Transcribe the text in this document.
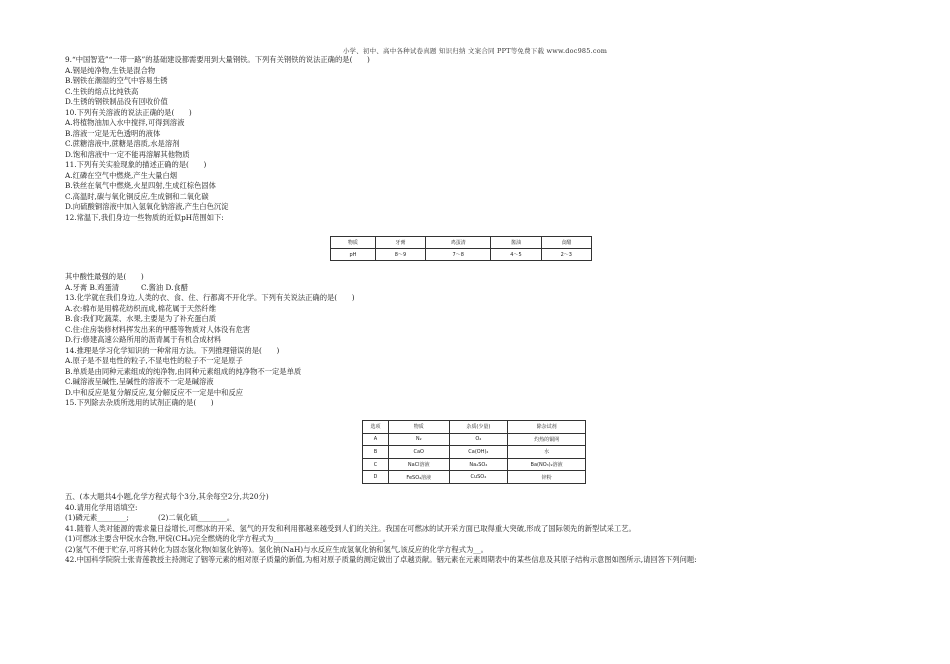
小学、初中、高中各种试卷真题 知识归纳 文案合同 PPT等免费下载 www.doc985.com
9.“中国智造”“一带一路”的基础建设都需要用到大量钢铁。下列有关钢铁的说法正确的是(　　)
A.钢是纯净物,生铁是混合物
B.钢铁在潮湿的空气中容易生锈
C.生铁的熔点比纯铁高
D.生锈的钢铁制品没有回收价值
10.下列有关溶液的说法正确的是(　　)
A.将植物油加入水中搅拌,可得到溶液
B.溶液一定是无色透明的液体
C.蔗糖溶液中,蔗糖是溶质,水是溶剂
D.饱和溶液中一定不能再溶解其他物质
11.下列有关实验现象的描述正确的是(　　)
A.红磷在空气中燃烧,产生大量白烟
B.铁丝在氧气中燃烧,火星四射,生成红棕色固体
C.高温时,碳与氧化铜反应,生成铜和二氧化碳
D.向硫酸铜溶液中加入氢氧化钠溶液,产生白色沉淀
12.常温下,我们身边一些物质的近似pH范围如下:
物质	牙膏	鸡蛋清	酱油	食醋
pH	8～9	7～8	4～5	2～3
其中酸性最强的是(　　)
A.牙膏 B.鸡蛋清　　　C.酱油 D.食醋
13.化学就在我们身边,人类的衣、食、住、行都离不开化学。下列有关说法正确的是(　　)
A.衣:棉布是用棉花纺织而成,棉花属于天然纤维
B.食:我们吃蔬菜、水果,主要是为了补充蛋白质
C.住:住房装修材料挥发出来的甲醛等物质对人体没有危害
D.行:修建高速公路所用的沥青属于有机合成材料
14.推理是学习化学知识的一种常用方法。下列推理错误的是(　　)
A.原子是不显电性的粒子,不显电性的粒子不一定是原子
B.单质是由同种元素组成的纯净物,由同种元素组成的纯净物不一定是单质
C.碱溶液呈碱性,呈碱性的溶液不一定是碱溶液
D.中和反应是复分解反应,复分解反应不一定是中和反应
15.下列除去杂质所选用的试剂正确的是(　　)
选项	物质	杂质(少量)	除杂试剂
A	N₂	O₂	灼热的铜网
B	CaO	Ca(OH)₂	水
C	NaCl溶液	Na₂SO₄	Ba(NO₃)₂溶液
D	FeSO₄溶液	CuSO₄	锌粉
五、(本大题共4小题,化学方程式每个3分,其余每空2分,共20分)
40.请用化学用语填空:
(1)磷元素________;　　　　(2)二氧化硫________。
41.随着人类对能源的需求量日益增长,可燃冰的开采、氢气的开发和利用都越来越受到人们的关注。我国在可燃冰的试开采方面已取得重大突破,形成了国际领先的新型试采工艺。
(1)可燃冰主要含甲烷水合物,甲烷(CH₄)完全燃烧的化学方程式为______________________________。
(2)氢气不便于贮存,可将其转化为固态氢化物(如氢化钠等)。氢化钠(NaH)与水反应生成氢氧化钠和氢气,该反应的化学方程式为__。
42.中国科学院院士张青莲教授主持测定了铟等元素的相对原子质量的新值,为相对原子质量的测定做出了卓越贡献。铟元素在元素周期表中的某些信息及其原子结构示意图如图所示,请回答下列问题:
